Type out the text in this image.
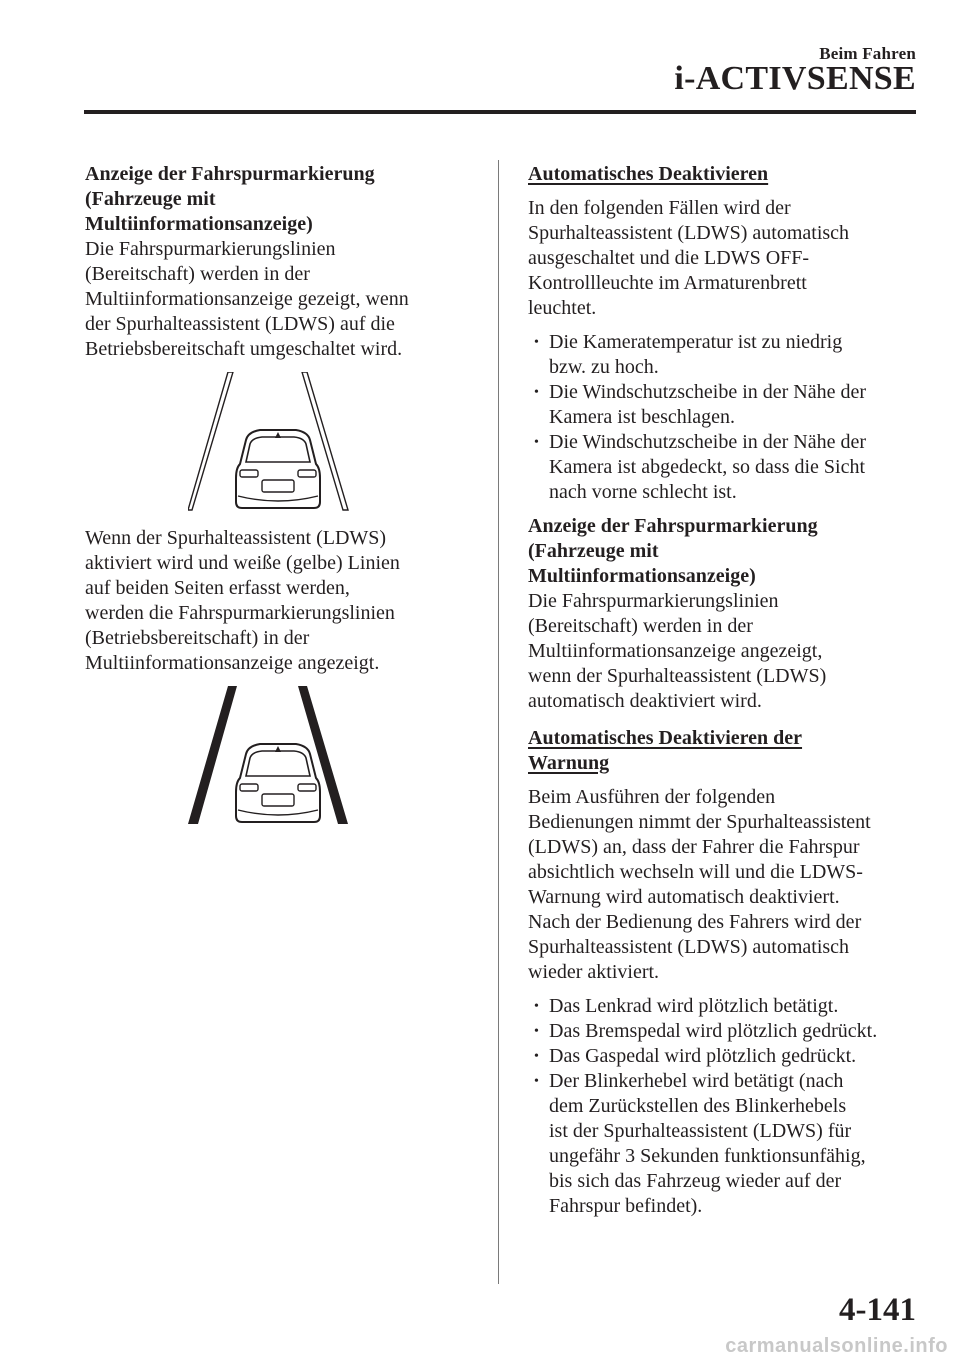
Beim Fahren
i-ACTIVSENSE

Anzeige der Fahrspurmarkierung
(Fahrzeuge mit
Multiinformationsanzeige)

Die Fahrspurmarkierungslinien
(Bereitschaft) werden in der
Multiinformationsanzeige gezeigt, wenn
der Spurhalteassistent (LDWS) auf die
Betriebsbereitschaft umgeschaltet wird.

Wenn der Spurhalteassistent (LDWS)
aktiviert wird und weiße (gelbe) Linien
auf beiden Seiten erfasst werden,
werden die Fahrspurmarkierungslinien
(Betriebsbereitschaft) in der
Multiinformationsanzeige angezeigt.

Automatisches Deaktivieren

In den folgenden Fällen wird der
Spurhalteassistent (LDWS) automatisch
ausgeschaltet und die LDWS OFF-
Kontrollleuchte im Armaturenbrett
leuchtet.

• Die Kameratemperatur ist zu niedrig
bzw. zu hoch.
• Die Windschutzscheibe in der Nähe der
Kamera ist beschlagen.
• Die Windschutzscheibe in der Nähe der
Kamera ist abgedeckt, so dass die Sicht
nach vorne schlecht ist.

Anzeige der Fahrspurmarkierung
(Fahrzeuge mit
Multiinformationsanzeige)

Die Fahrspurmarkierungslinien
(Bereitschaft) werden in der
Multiinformationsanzeige angezeigt,
wenn der Spurhalteassistent (LDWS)
automatisch deaktiviert wird.

Automatisches Deaktivieren der
Warnung

Beim Ausführen der folgenden
Bedienungen nimmt der Spurhalteassistent
(LDWS) an, dass der Fahrer die Fahrspur
absichtlich wechseln will und die LDWS-
Warnung wird automatisch deaktiviert.
Nach der Bedienung des Fahrers wird der
Spurhalteassistent (LDWS) automatisch
wieder aktiviert.

• Das Lenkrad wird plötzlich betätigt.
• Das Bremspedal wird plötzlich gedrückt.
• Das Gaspedal wird plötzlich gedrückt.
• Der Blinkerhebel wird betätigt (nach
dem Zurückstellen des Blinkerhebels
ist der Spurhalteassistent (LDWS) für
ungefähr 3 Sekunden funktionsunfähig,
bis sich das Fahrzeug wieder auf der
Fahrspur befindet).
4-141
carmanualsonline.info
